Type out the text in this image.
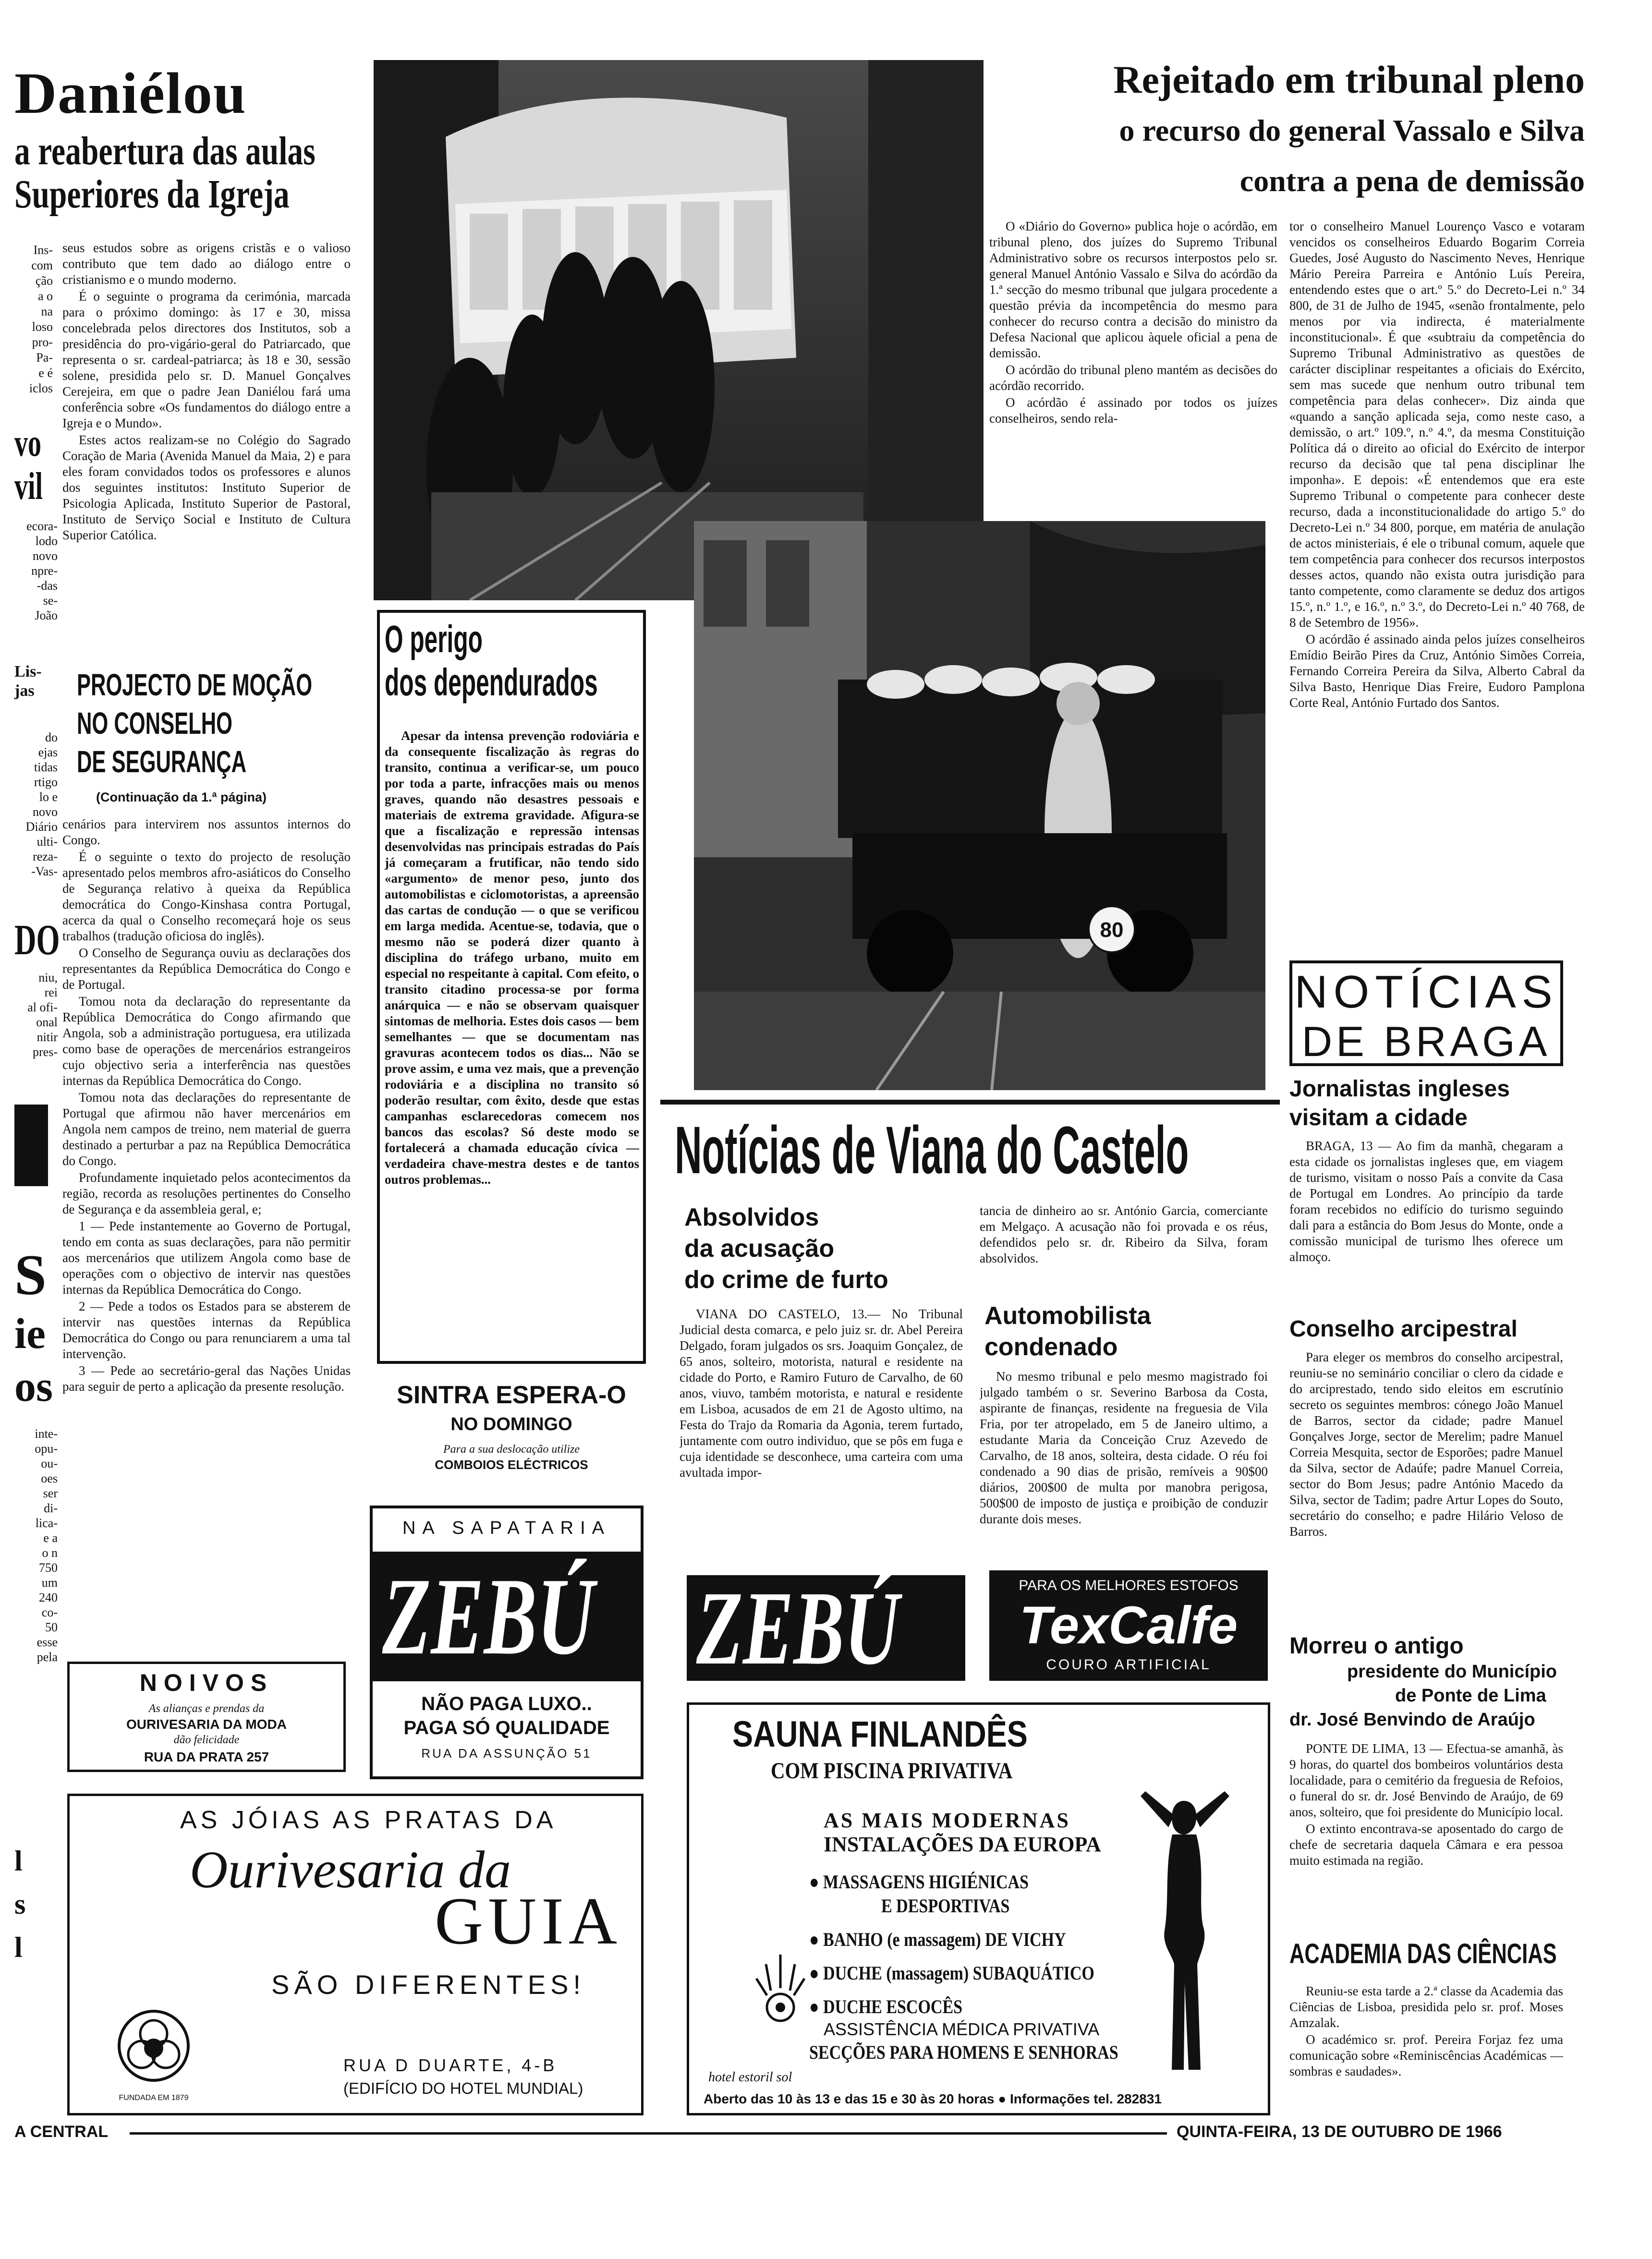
Daniélou
a reabertura das aulas
Superiores da Igreja
Ins-
com
ção
a o
na
loso
pro-
Pa-
e é
iclos

seus estudos sobre as origens cristãs e o valioso contributo que tem dado ao diálogo entre o cristianismo e o mundo moderno.

É o seguinte o programa da cerimónia, marcada para o próximo domingo: às 17 e 30, missa concelebrada pelos directores dos Institutos, sob a presidência do pro-vigário-geral do Patriarcado, que representa o sr. cardeal-patriarca; às 18 e 30, sessão solene, presidida pelo sr. D. Manuel Gonçalves Cerejeira, em que o padre Jean Daniélou fará uma conferência sobre «Os fundamentos do diálogo entre a Igreja e o Mundo».

Estes actos realizam-se no Colégio do Sagrado Coração de Maria (Avenida Manuel da Maia, 2) e para eles foram convidados todos os professores e alunos dos seguintes institutos: Instituto Superior de Psicologia Aplicada, Instituto Superior de Pastoral, Instituto de Serviço Social e Instituto de Cultura Superior Católica.

vo
vil
ecora-
lodo
novo
npre-
-das
se-
João
Lis-
jas
do
ejas
tidas
rtigo
lo e
novo
Diário
ulti-
reza-
-Vas-
DO
niu,
rei
al ofi-
onal
nitir
pres-
S
ie
os
inte-
opu-
ou-
oes
ser
di-
lica-
e a
o n
750
um
240
co-
50
esse
pela
l
s
l
PROJECTO DE MOÇÃO
NO CONSELHO
DE SEGURANÇA
(Continuação da 1.ª página)

cenários para intervirem nos assuntos internos do Congo.

É o seguinte o texto do projecto de resolução apresentado pelos membros afro-asiáticos do Conselho de Segurança relativo à queixa da República democrática do Congo-Kinshasa contra Portugal, acerca da qual o Conselho recomeçará hoje os seus trabalhos (tradução oficiosa do inglês).

O Conselho de Segurança ouviu as declarações dos representantes da República Democrática do Congo e de Portugal.

Tomou nota da declaração do representante da República Democrática do Congo afirmando que Angola, sob a administração portuguesa, era utilizada como base de operações de mercenários estrangeiros cujo objectivo seria a interferência nas questões internas da República Democrática do Congo.

Tomou nota das declarações do representante de Portugal que afirmou não haver mercenários em Angola nem campos de treino, nem material de guerra destinado a perturbar a paz na República Democrática do Congo.

Profundamente inquietado pelos acontecimentos da região, recorda as resoluções pertinentes do Conselho de Segurança e da assembleia geral, e;

1 — Pede instantemente ao Governo de Portugal, tendo em conta as suas declarações, para não permitir aos mercenários que utilizem Angola como base de operações com o objectivo de intervir nas questões internas da República Democrática do Congo.

2 — Pede a todos os Estados para se absterem de intervir nas questões internas da República Democrática do Congo ou para renunciarem a uma tal intervenção.

3 — Pede ao secretário-geral das Nações Unidas para seguir de perto a aplicação da presente resolução.

NOIVOS
As alianças e prendas da
OURIVESARIA DA MODA
dão felicidade
RUA DA PRATA 257
AS JÓIAS AS PRATAS DA
Ourivesaria da
GUIA
SÃO DIFERENTES!
FUNDADA EM 1879
RUA D DUARTE, 4-B
(EDIFÍCIO DO HOTEL MUNDIAL)
O perigo
dos dependurados
Apesar da intensa prevenção rodoviária e da consequente fiscalização às regras do transito, continua a verificar-se, um pouco por toda a parte, infracções mais ou menos graves, quando não desastres pessoais e materiais de extrema gravidade. Afigura-se que a fiscalização e repressão intensas desenvolvidas nas principais estradas do País já começaram a frutificar, não tendo sido «argumento» de menor peso, junto dos automobilistas e ciclomotoristas, a apreensão das cartas de condução — o que se verificou em larga medida. Acentue-se, todavia, que o mesmo não se poderá dizer quanto à disciplina do tráfego urbano, muito em especial no respeitante à capital. Com efeito, o transito citadino processa-se por forma anárquica — e não se observam quaisquer sintomas de melhoria. Estes dois casos — bem semelhantes — que se documentam nas gravuras acontecem todos os dias... Não se prove assim, e uma vez mais, que a prevenção rodoviária e a disciplina no transito só poderão resultar, com êxito, desde que estas campanhas esclarecedoras comecem nos bancos das escolas? Só deste modo se fortalecerá a chamada educação cívica — verdadeira chave-mestra destes e de tantos outros problemas...
SINTRA ESPERA-O
NO DOMINGO
Para a sua deslocação utilize
COMBOIOS ELÉCTRICOS
NA SAPATARIA
ZEBÚ
NÃO PAGA LUXO..
PAGA SÓ QUALIDADE
RUA DA ASSUNÇÃO 51
Rejeitado em tribunal pleno
o recurso do general Vassalo e Silva
contra a pena de demissão

O «Diário do Governo» publica hoje o acórdão, em tribunal pleno, dos juízes do Supremo Tribunal Administrativo sobre os recursos interpostos pelo sr. general Manuel António Vassalo e Silva do acórdão da 1.ª secção do mesmo tribunal que julgara procedente a questão prévia da incompetência do mesmo para conhecer do recurso contra a decisão do ministro da Defesa Nacional que aplicou àquele oficial a pena de demissão.

O acórdão do tribunal pleno mantém as decisões do acórdão recorrido.

O acórdão é assinado por todos os juízes conselheiros, sendo rela-

tor o conselheiro Manuel Lourenço Vasco e votaram vencidos os conselheiros Eduardo Bogarim Correia Guedes, José Augusto do Nascimento Neves, Henrique Mário Pereira Parreira e António Luís Pereira, entendendo estes que o art.º 5.º do Decreto-Lei n.º 34 800, de 31 de Julho de 1945, «senão frontalmente, pelo menos por via indirecta, é materialmente inconstitucional». É que «subtraiu da competência do Supremo Tribunal Administrativo as questões de carácter disciplinar respeitantes a oficiais do Exército, sem mas sucede que nenhum outro tribunal tem competência para delas conhecer». Diz ainda que «quando a sanção aplicada seja, como neste caso, a demissão, o art.º 109.º, n.º 4.º, da mesma Constituição Política dá o direito ao oficial do Exército de interpor recurso da decisão que tal pena disciplinar lhe imponha». E depois: «É entendemos que era este Supremo Tribunal o competente para conhecer deste recurso, dada a inconstitucionalidade do artigo 5.º do Decreto-Lei n.º 34 800, porque, em matéria de anulação de actos ministeriais, é ele o tribunal comum, aquele que tem competência para conhecer dos recursos interpostos desses actos, quando não exista outra jurisdição para tanto competente, como claramente se deduz dos artigos 15.º, n.º 1.º, e 16.º, n.º 3.º, do Decreto-Lei n.º 40 768, de 8 de Setembro de 1956».

O acórdão é assinado ainda pelos juízes conselheiros Emídio Beirão Pires da Cruz, António Simões Correia, Fernando Correira Pereira da Silva, Alberto Cabral da Silva Basto, Henrique Dias Freire, Eudoro Pamplona Corte Real, António Furtado dos Santos.

80
NOTÍCIAS
DE BRAGA
Jornalistas ingleses
visitam a cidade
BRAGA, 13 — Ao fim da manhã, chegaram a esta cidade os jornalistas ingleses que, em viagem de turismo, visitam o nosso País a convite da Casa de Portugal em Londres. Ao princípio da tarde foram recebidos no edifício do turismo seguindo dali para a estância do Bom Jesus do Monte, onde a comissão municipal de turismo lhes oferece um almoço.
Conselho arcipestral
Para eleger os membros do conselho arcipestral, reuniu-se no seminário conciliar o clero da cidade e do arciprestado, tendo sido eleitos em escrutínio secreto os seguintes membros: cónego João Manuel de Barros, sector da cidade; padre Manuel Gonçalves Jorge, sector de Merelim; padre Manuel Correia Mesquita, sector de Esporões; padre Manuel da Silva, sector de Adaúfe; padre Manuel Correia, sector do Bom Jesus; padre António Macedo da Silva, sector de Tadim; padre Artur Lopes do Souto, secretário do conselho; e padre Hilário Veloso de Barros.
Morreu o antigo
presidente do Município
de Ponte de Lima
dr. José Benvindo de Araújo

PONTE DE LIMA, 13 — Efectua-se amanhã, às 9 horas, do quartel dos bombeiros voluntários desta localidade, para o cemitério da freguesia de Refoios, o funeral do sr. dr. José Benvindo de Araújo, de 69 anos, solteiro, que foi presidente do Município local.

O extinto encontrava-se aposentado do cargo de chefe de secretaria daquela Câmara e era pessoa muito estimada na região.

ACADEMIA DAS CIÊNCIAS

Reuniu-se esta tarde a 2.ª classe da Academia das Ciências de Lisboa, presidida pelo sr. prof. Moses Amzalak.

O académico sr. prof. Pereira Forjaz fez uma comunicação sobre «Reminiscências Académicas — sombras e saudades».

Notícias de Viana do Castelo
Absolvidos
da acusação
do crime de furto
VIANA DO CASTELO, 13.— No Tribunal Judicial desta comarca, e pelo juiz sr. dr. Abel Pereira Delgado, foram julgados os srs. Joaquim Gonçalez, de 65 anos, solteiro, motorista, natural e residente na cidade do Porto, e Ramiro Futuro de Carvalho, de 60 anos, viuvo, também motorista, e natural e residente em Lisboa, acusados de em 21 de Agosto ultimo, na Festa do Trajo da Romaria da Agonia, terem furtado, juntamente com outro individuo, que se pôs em fuga e cuja identidade se desconhece, uma carteira com uma avultada impor-
tancia de dinheiro ao sr. António Garcia, comerciante em Melgaço. A acusação não foi provada e os réus, defendidos pelo sr. dr. Ribeiro da Silva, foram absolvidos.
Automobilista
condenado
No mesmo tribunal e pelo mesmo magistrado foi julgado também o sr. Severino Barbosa da Costa, aspirante de finanças, residente na freguesia de Vila Fria, por ter atropelado, em 5 de Janeiro ultimo, a estudante Maria da Conceição Cruz Azevedo de Carvalho, de 18 anos, solteira, desta cidade. O réu foi condenado a 90 dias de prisão, remíveis a 90$00 diários, 200$00 de multa por manobra perigosa, 500$00 de imposto de justiça e proibição de conduzir durante dois meses.
ZEBÚ	PARA OS MELHORES ESTOFOS
TexCalfe
COURO ARTIFICIAL
SAUNA FINLANDÊS
COM PISCINA PRIVATIVA
AS MAIS MODERNAS
INSTALAÇÕES DA EUROPA
● MASSAGENS HIGIÉNICAS
E DESPORTIVAS
● BANHO (e massagem) DE VICHY
● DUCHE (massagem) SUBAQUÁTICO
● DUCHE ESCOCÊS
ASSISTÊNCIA MÉDICA PRIVATIVA
SECÇÕES PARA HOMENS E SENHORAS
hotel estoril sol
Aberto das 10 às 13 e das 15 e 30 às 20 horas ● Informações tel. 282831
A CENTRAL	QUINTA-FEIRA, 13 DE OUTUBRO DE 1966
